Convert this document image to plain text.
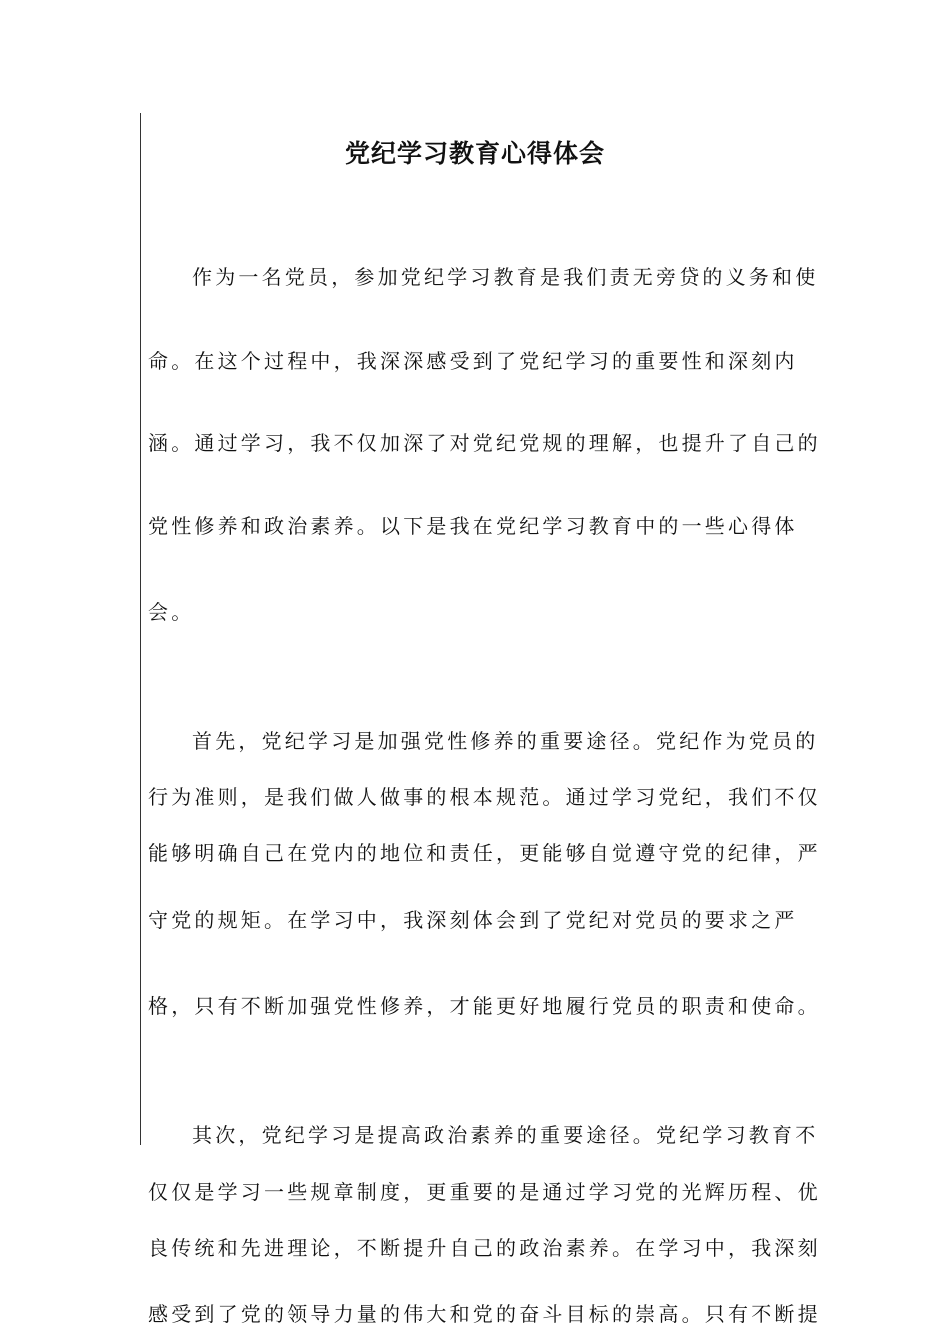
党纪学习教育心得体会

作为一名党员，参加党纪学习教育是我们责无旁贷的义务和使

命。在这个过程中，我深深感受到了党纪学习的重要性和深刻内

涵。通过学习，我不仅加深了对党纪党规的理解，也提升了自己的

党性修养和政治素养。以下是我在党纪学习教育中的一些心得体

会。

首先，党纪学习是加强党性修养的重要途径。党纪作为党员的

行为准则，是我们做人做事的根本规范。通过学习党纪，我们不仅

能够明确自己在党内的地位和责任，更能够自觉遵守党的纪律，严

守党的规矩。在学习中，我深刻体会到了党纪对党员的要求之严

格，只有不断加强党性修养，才能更好地履行党员的职责和使命。

其次，党纪学习是提高政治素养的重要途径。党纪学习教育不

仅仅是学习一些规章制度，更重要的是通过学习党的光辉历程、优

良传统和先进理论，不断提升自己的政治素养。在学习中，我深刻

感受到了党的领导力量的伟大和党的奋斗目标的崇高。只有不断提
